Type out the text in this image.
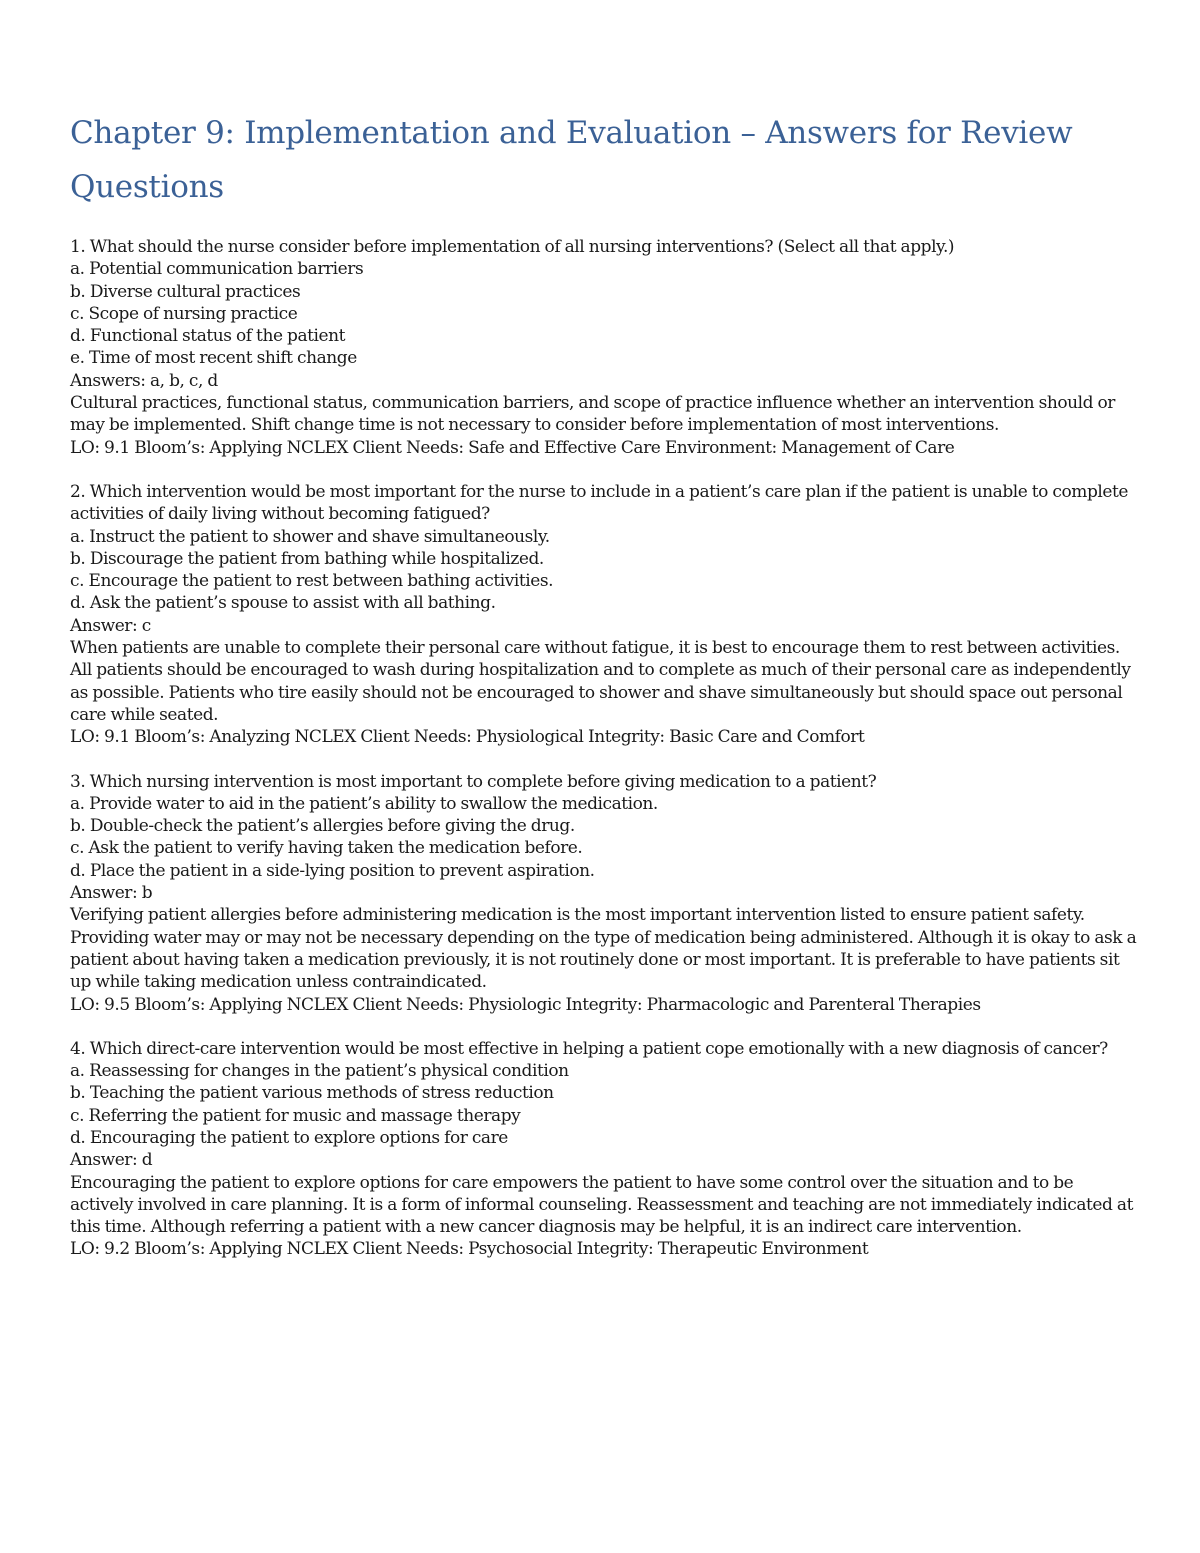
Chapter 9: Implementation and Evaluation – Answers for Review Questions
1. What should the nurse consider before implementation of all nursing interventions? (Select all that apply.)
a. Potential communication barriers
b. Diverse cultural practices
c. Scope of nursing practice
d. Functional status of the patient
e. Time of most recent shift change
Answers: a, b, c, d
Cultural practices, functional status, communication barriers, and scope of practice influence whether an intervention should or may be implemented. Shift change time is not necessary to consider before implementation of most interventions.
LO: 9.1 Bloom’s: Applying NCLEX Client Needs: Safe and Effective Care Environment: Management of Care
2. Which intervention would be most important for the nurse to include in a patient’s care plan if the patient is unable to complete activities of daily living without becoming fatigued?
a. Instruct the patient to shower and shave simultaneously.
b. Discourage the patient from bathing while hospitalized.
c. Encourage the patient to rest between bathing activities.
d. Ask the patient’s spouse to assist with all bathing.
Answer: c
When patients are unable to complete their personal care without fatigue, it is best to encourage them to rest between activities. All patients should be encouraged to wash during hospitalization and to complete as much of their personal care as independently as possible. Patients who tire easily should not be encouraged to shower and shave simultaneously but should space out personal care while seated.
LO: 9.1 Bloom’s: Analyzing NCLEX Client Needs: Physiological Integrity: Basic Care and Comfort
3. Which nursing intervention is most important to complete before giving medication to a patient?
a. Provide water to aid in the patient’s ability to swallow the medication.
b. Double-check the patient’s allergies before giving the drug.
c. Ask the patient to verify having taken the medication before.
d. Place the patient in a side-lying position to prevent aspiration.
Answer: b
Verifying patient allergies before administering medication is the most important intervention listed to ensure patient safety. Providing water may or may not be necessary depending on the type of medication being administered. Although it is okay to ask a patient about having taken a medication previously, it is not routinely done or most important. It is preferable to have patients sit up while taking medication unless contraindicated.
LO: 9.5 Bloom’s: Applying NCLEX Client Needs: Physiologic Integrity: Pharmacologic and Parenteral Therapies
4. Which direct-care intervention would be most effective in helping a patient cope emotionally with a new diagnosis of cancer?
a. Reassessing for changes in the patient’s physical condition
b. Teaching the patient various methods of stress reduction
c. Referring the patient for music and massage therapy
d. Encouraging the patient to explore options for care
Answer: d
Encouraging the patient to explore options for care empowers the patient to have some control over the situation and to be actively involved in care planning. It is a form of informal counseling. Reassessment and teaching are not immediately indicated at this time. Although referring a patient with a new cancer diagnosis may be helpful, it is an indirect care intervention.
LO: 9.2 Bloom’s: Applying NCLEX Client Needs: Psychosocial Integrity: Therapeutic Environment
